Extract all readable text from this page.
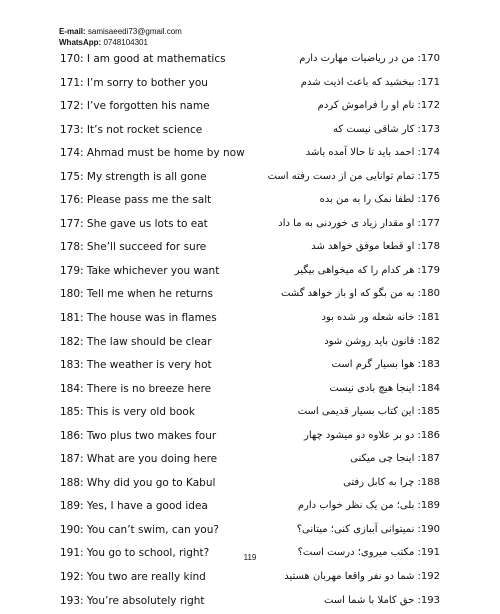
E-mail: samisaeedi73@gmail.com
WhatsApp: 0748104301
170: I am good at mathematics	170: من در ریاضیات مهارت دارم
171: I’m sorry to bother you	171: ببخشید که باعث اذیت شدم
172: I’ve forgotten his name	172: نام او را فراموش کردم
173: It’s not rocket science	173: کار شاقی نیست که
174: Ahmad must be home by now	174: احمد باید تا حالا آمده باشد
175: My strength is all gone	175: تمام توانایی من از دست رفته است
176: Please pass me the salt	176: لطفا نمک را به من بده
177: She gave us lots to eat	177: او مقدار زیاد ی خوردنی به ما داد
178: She’ll succeed for sure	178: او قطعا موفق خواهد شد
179: Take whichever you want	179: هر کدام را که میخواهی بیگیر
180: Tell me when he returns	180: به من بگو که او باز خواهد گشت
181: The house was in flames	181: خانه شعله ور شده بود
182: The law should be clear	182: قانون باید روشن شود
183: The weather is very hot	183: هوا بسیار گرم است
184: There is no breeze here	184: اینجا هیچ بادی نیست
185: This is very old book	185: این کتاب بسیار قدیمی است
186: Two plus two makes four	186: دو بر علاوه دو میشود چهار
187: What are you doing here	187: اینجا چی میکنی
188: Why did you go to Kabul	188: چرا به کابل رفتی
189: Yes, I have a good idea	189: بلی؛ من یک نظر خواب دارم
190: You can’t swim, can you?	190: نمیتوانی آببازی کنی؛ میتانی؟
191: You go to school, right?	191: مکتب میروی؛ درست است؟
192: You two are really kind	192: شما دو نفر واقعا مهربان هستید
193: You’re absolutely right	193: حق کاملا با شما است
119
